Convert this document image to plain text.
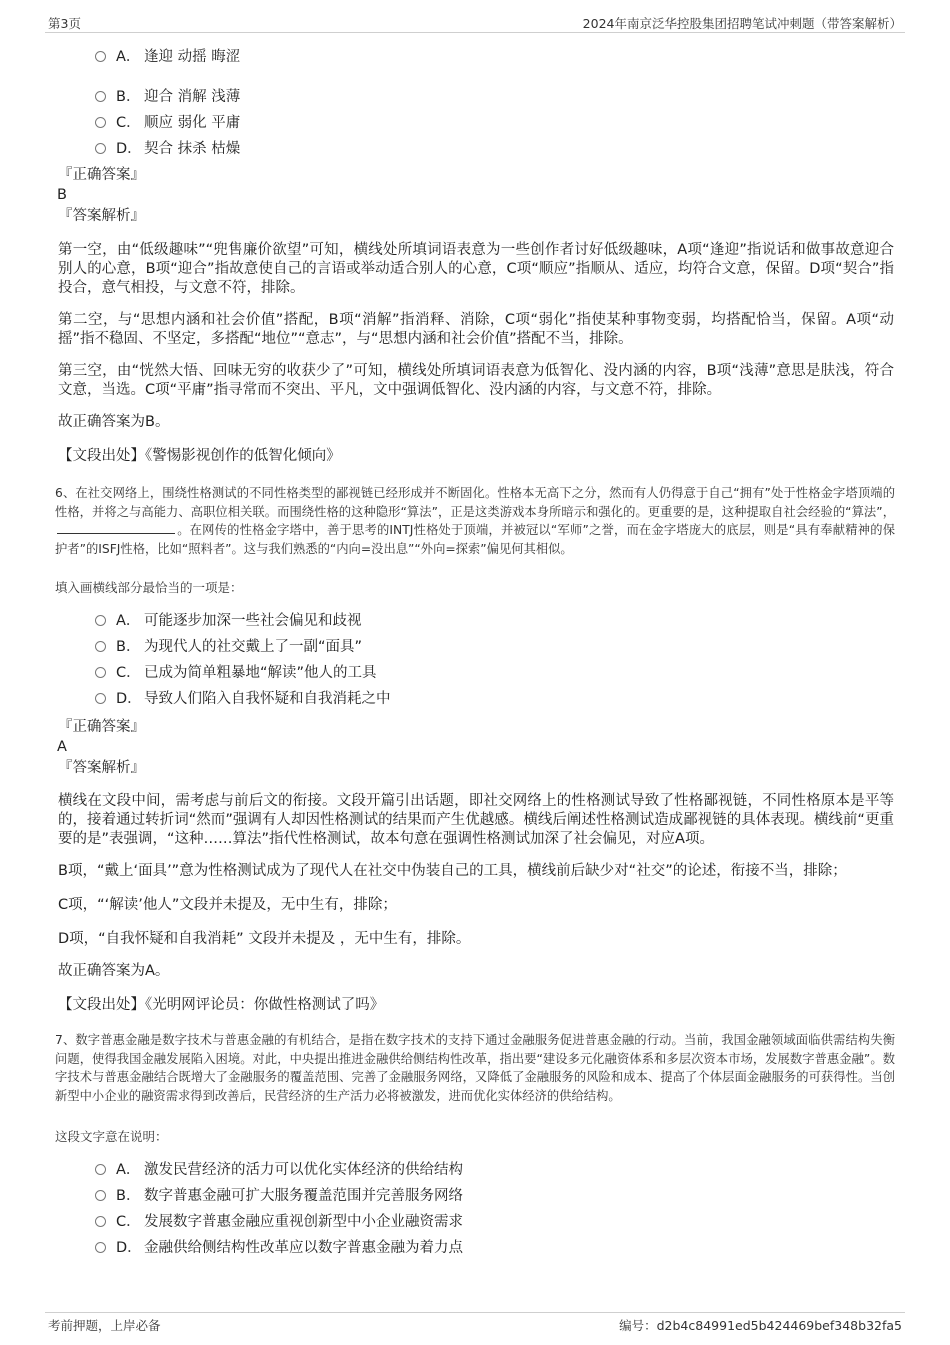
第3页	2024年南京泛华控股集团招聘笔试冲刺题（带答案解析）
A． 逢迎 动摇 晦涩
B． 迎合 消解 浅薄
C． 顺应 弱化 平庸
D． 契合 抹杀 枯燥
『正确答案』
B
『答案解析』
第一空，由“低级趣味”“兜售廉价欲望”可知，横线处所填词语表意为一些创作者讨好低级趣味，A项“逢迎”指说话和做事故意迎合别人的心意，B项“迎合”指故意使自己的言语或举动适合别人的心意，C项“顺应”指顺从、适应，均符合文意，保留。D项“契合”指投合，意气相投，与文意不符，排除。
第二空，与“思想内涵和社会价值”搭配，B项“消解”指消释、消除，C项“弱化”指使某种事物变弱，均搭配恰当，保留。A项“动摇”指不稳固、不坚定，多搭配“地位”“意志”，与“思想内涵和社会价值”搭配不当，排除。
第三空，由“恍然大悟、回味无穷的收获少了”可知，横线处所填词语表意为低智化、没内涵的内容，B项“浅薄”意思是肤浅，符合文意，当选。C项“平庸”指寻常而不突出、平凡，文中强调低智化、没内涵的内容，与文意不符，排除。
故正确答案为B。
【文段出处】《警惕影视创作的低智化倾向》
6、在社交网络上，围绕性格测试的不同性格类型的鄙视链已经形成并不断固化。性格本无高下之分，然而有人仍得意于自己“拥有”处于性格金字塔顶端的性格，并将之与高能力、高职位相关联。而围绕性格的这种隐形“算法”，正是这类游戏本身所暗示和强化的。更重要的是，这种提取自社会经验的“算法”，。在网传的性格金字塔中，善于思考的INTJ性格处于顶端，并被冠以“军师”之誉，而在金字塔庞大的底层，则是“具有奉献精神的保护者”的ISFJ性格，比如“照料者”。这与我们熟悉的“内向=没出息”“外向=探索”偏见何其相似。
填入画横线部分最恰当的一项是：
A． 可能逐步加深一些社会偏见和歧视
B． 为现代人的社交戴上了一副“面具”
C． 已成为简单粗暴地“解读”他人的工具
D． 导致人们陷入自我怀疑和自我消耗之中
『正确答案』
A
『答案解析』
横线在文段中间，需考虑与前后文的衔接。文段开篇引出话题，即社交网络上的性格测试导致了性格鄙视链，不同性格原本是平等的，接着通过转折词“然而”强调有人却因性格测试的结果而产生优越感。横线后阐述性格测试造成鄙视链的具体表现。横线前“更重要的是”表强调，“这种……算法”指代性格测试，故本句意在强调性格测试加深了社会偏见，对应A项。
B项，“戴上‘面具’”意为性格测试成为了现代人在社交中伪装自己的工具，横线前后缺少对“社交”的论述，衔接不当，排除；
C项，“‘解读’他人”文段并未提及，无中生有，排除；
D项，“自我怀疑和自我消耗” 文段并未提及 ，无中生有，排除。
故正确答案为A。
【文段出处】《光明网评论员：你做性格测试了吗》
7、数字普惠金融是数字技术与普惠金融的有机结合，是指在数字技术的支持下通过金融服务促进普惠金融的行动。当前，我国金融领域面临供需结构失衡问题，使得我国金融发展陷入困境。对此，中央提出推进金融供给侧结构性改革，指出要“建设多元化融资体系和多层次资本市场，发展数字普惠金融”。数字技术与普惠金融结合既增大了金融服务的覆盖范围、完善了金融服务网络，又降低了金融服务的风险和成本、提高了个体层面金融服务的可获得性。当创新型中小企业的融资需求得到改善后，民营经济的生产活力必将被激发，进而优化实体经济的供给结构。
这段文字意在说明：
A． 激发民营经济的活力可以优化实体经济的供给结构
B． 数字普惠金融可扩大服务覆盖范围并完善服务网络
C． 发展数字普惠金融应重视创新型中小企业融资需求
D． 金融供给侧结构性改革应以数字普惠金融为着力点
考前押题，上岸必备	编号：d2b4c84991ed5b424469bef348b32fa5
